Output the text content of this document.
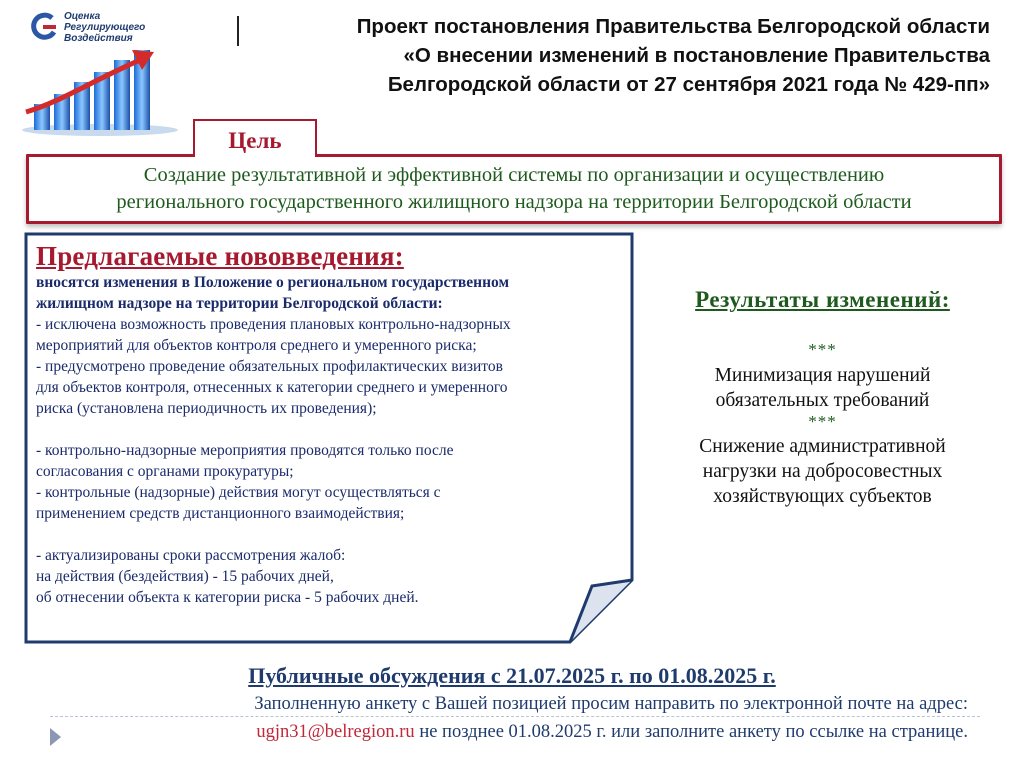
Оценка
Регулирующего
Воздействия
Проект постановления Правительства Белгородской области
«О внесении изменений в постановление Правительства
Белгородской области от 27 сентября 2021 года № 429-пп»
Цель
Создание результативной и эффективной системы по организации и осуществлению
регионального государственного жилищного надзора на территории Белгородской области
Предлагаемые нововведения:
вносятся изменения в Положение о региональном государственном
жилищном надзоре на территории Белгородской области:
- исключена возможность проведения плановых контрольно-надзорных
мероприятий для объектов контроля среднего и умеренного риска;
- предусмотрено проведение обязательных профилактических визитов
для объектов контроля, отнесенных к категории среднего и умеренного
риска (установлена периодичность их проведения);
- контрольно-надзорные мероприятия проводятся только после
согласования с органами прокуратуры;
- контрольные (надзорные) действия могут осуществляться с
применением средств дистанционного взаимодействия;
- актуализированы сроки рассмотрения жалоб:
на действия (бездействия) - 15 рабочих дней,
об отнесении объекта к категории риска - 5 рабочих дней.
Результаты изменений:
***
Минимизация нарушений
обязательных требований
***
Снижение административной
нагрузки на добросовестных
хозяйствующих субъектов
Публичные обсуждения с 21.07.2025 г. по 01.08.2025 г.
Заполненную анкету с Вашей позицией просим направить по электронной почте на адрес:
ugjn31@belregion.ru не позднее 01.08.2025 г. или заполните анкету по ссылке на странице.
